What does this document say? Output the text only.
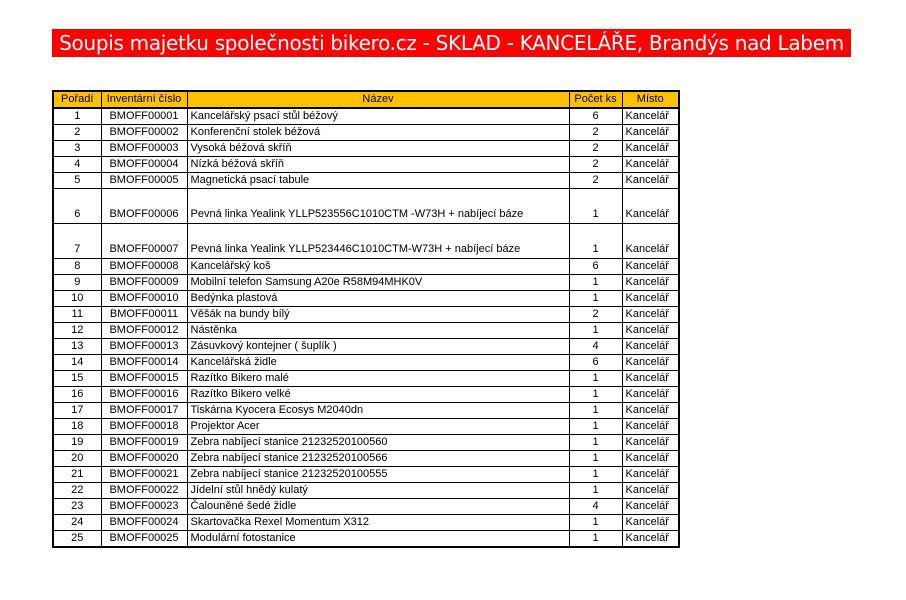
Soupis majetku společnosti bikero.cz - SKLAD - KANCELÁŘE, Brandýs nad Labem
Pořadí	Inventární číslo	Název	Počet ks	Místo
1	BMOFF00001	Kancelářský psací stůl béžový	6	Kancelář
2	BMOFF00002	Konferenční stolek béžová	2	Kancelář
3	BMOFF00003	Vysoká béžová skříň	2	Kancelář
4	BMOFF00004	Nízká béžová skříň	2	Kancelář
5	BMOFF00005	Magnetická psací tabule	2	Kancelář
6	BMOFF00006	Pevná linka Yealink YLLP523556C1010CTM -W73H + nabíjecí báze	1	Kancelář
7	BMOFF00007	Pevná linka Yealink YLLP523446C1010CTM-W73H + nabíjecí báze	1	Kancelář
8	BMOFF00008	Kancelářský koš	6	Kancelář
9	BMOFF00009	Mobilní telefon Samsung A20e R58M94MHK0V	1	Kancelář
10	BMOFF00010	Bedýnka plastová	1	Kancelář
11	BMOFF00011	Věšák na bundy bílý	2	Kancelář
12	BMOFF00012	Nástěnka	1	Kancelář
13	BMOFF00013	Zásuvkový kontejner ( šuplík )	4	Kancelář
14	BMOFF00014	Kancelářská židle	6	Kancelář
15	BMOFF00015	Razítko Bikero malé	1	Kancelář
16	BMOFF00016	Razítko Bikero velké	1	Kancelář
17	BMOFF00017	Tiskárna Kyocera Ecosys M2040dn	1	Kancelář
18	BMOFF00018	Projektor Acer	1	Kancelář
19	BMOFF00019	Zebra nabíjecí stanice 21232520100560	1	Kancelář
20	BMOFF00020	Zebra nabíjecí stanice 21232520100566	1	Kancelář
21	BMOFF00021	Zebra nabíjecí stanice 21232520100555	1	Kancelář
22	BMOFF00022	Jídelní stůl hnědý kulatý	1	Kancelář
23	BMOFF00023	Čalouněné šedé židle	4	Kancelář
24	BMOFF00024	Skartovačka Rexel Momentum X312	1	Kancelář
25	BMOFF00025	Modulární fotostanice	1	Kancelář
